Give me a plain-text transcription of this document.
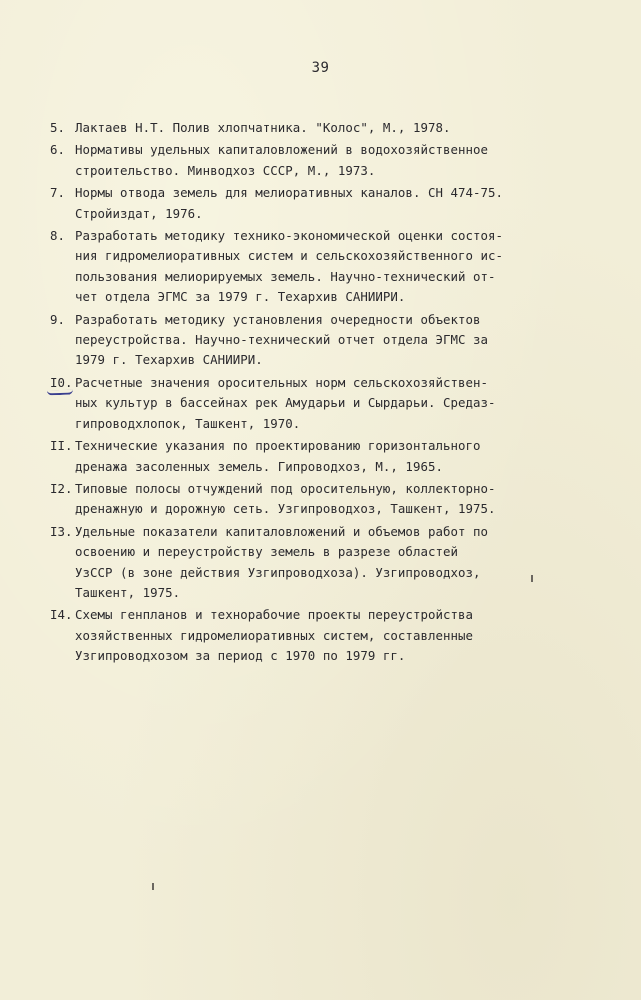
39
5. Лактаев Н.Т. Полив хлопчатника. "Колос", М., 1978.
6. Нормативы удельных капиталовложений в водохозяйственное
строительство. Минводхоз СССР, М., 1973.
7. Нормы отвода земель для мелиоративных каналов. СН 474-75.
Стройиздат, 1976.
8. Разработать методику технико-экономической оценки состоя-
ния гидромелиоративных систем и сельскохозяйственного ис-
пользования мелиорируемых земель. Научно-технический от-
чет отдела ЭГМС за 1979 г. Техархив САНИИРИ.
9. Разработать методику установления очередности объектов
переустройства. Научно-технический отчет отдела ЭГМС за
1979 г. Техархив САНИИРИ.
I0. Расчетные значения оросительных норм сельскохозяйствен-
ных культур в бассейнах рек Амударьи и Сырдарьи. Средаз-
гипроводхлопок, Ташкент, 1970.
II. Технические указания по проектированию горизонтального
дренажа засоленных земель. Гипроводхоз, М., 1965.
I2. Типовые полосы отчуждений под оросительную, коллекторно-
дренажную и дорожную сеть. Узгипроводхоз, Ташкент, 1975.
I3. Удельные показатели капиталовложений и объемов работ по
освоению и переустройству земель в разрезе областей
УзССР (в зоне действия Узгипроводхоза). Узгипроводхоз,
Ташкент, 1975.
I4. Схемы генпланов и технорабочие проекты переустройства
хозяйственных гидромелиоративных систем, составленные
Узгипроводхозом за период с 1970 по 1979 гг.
